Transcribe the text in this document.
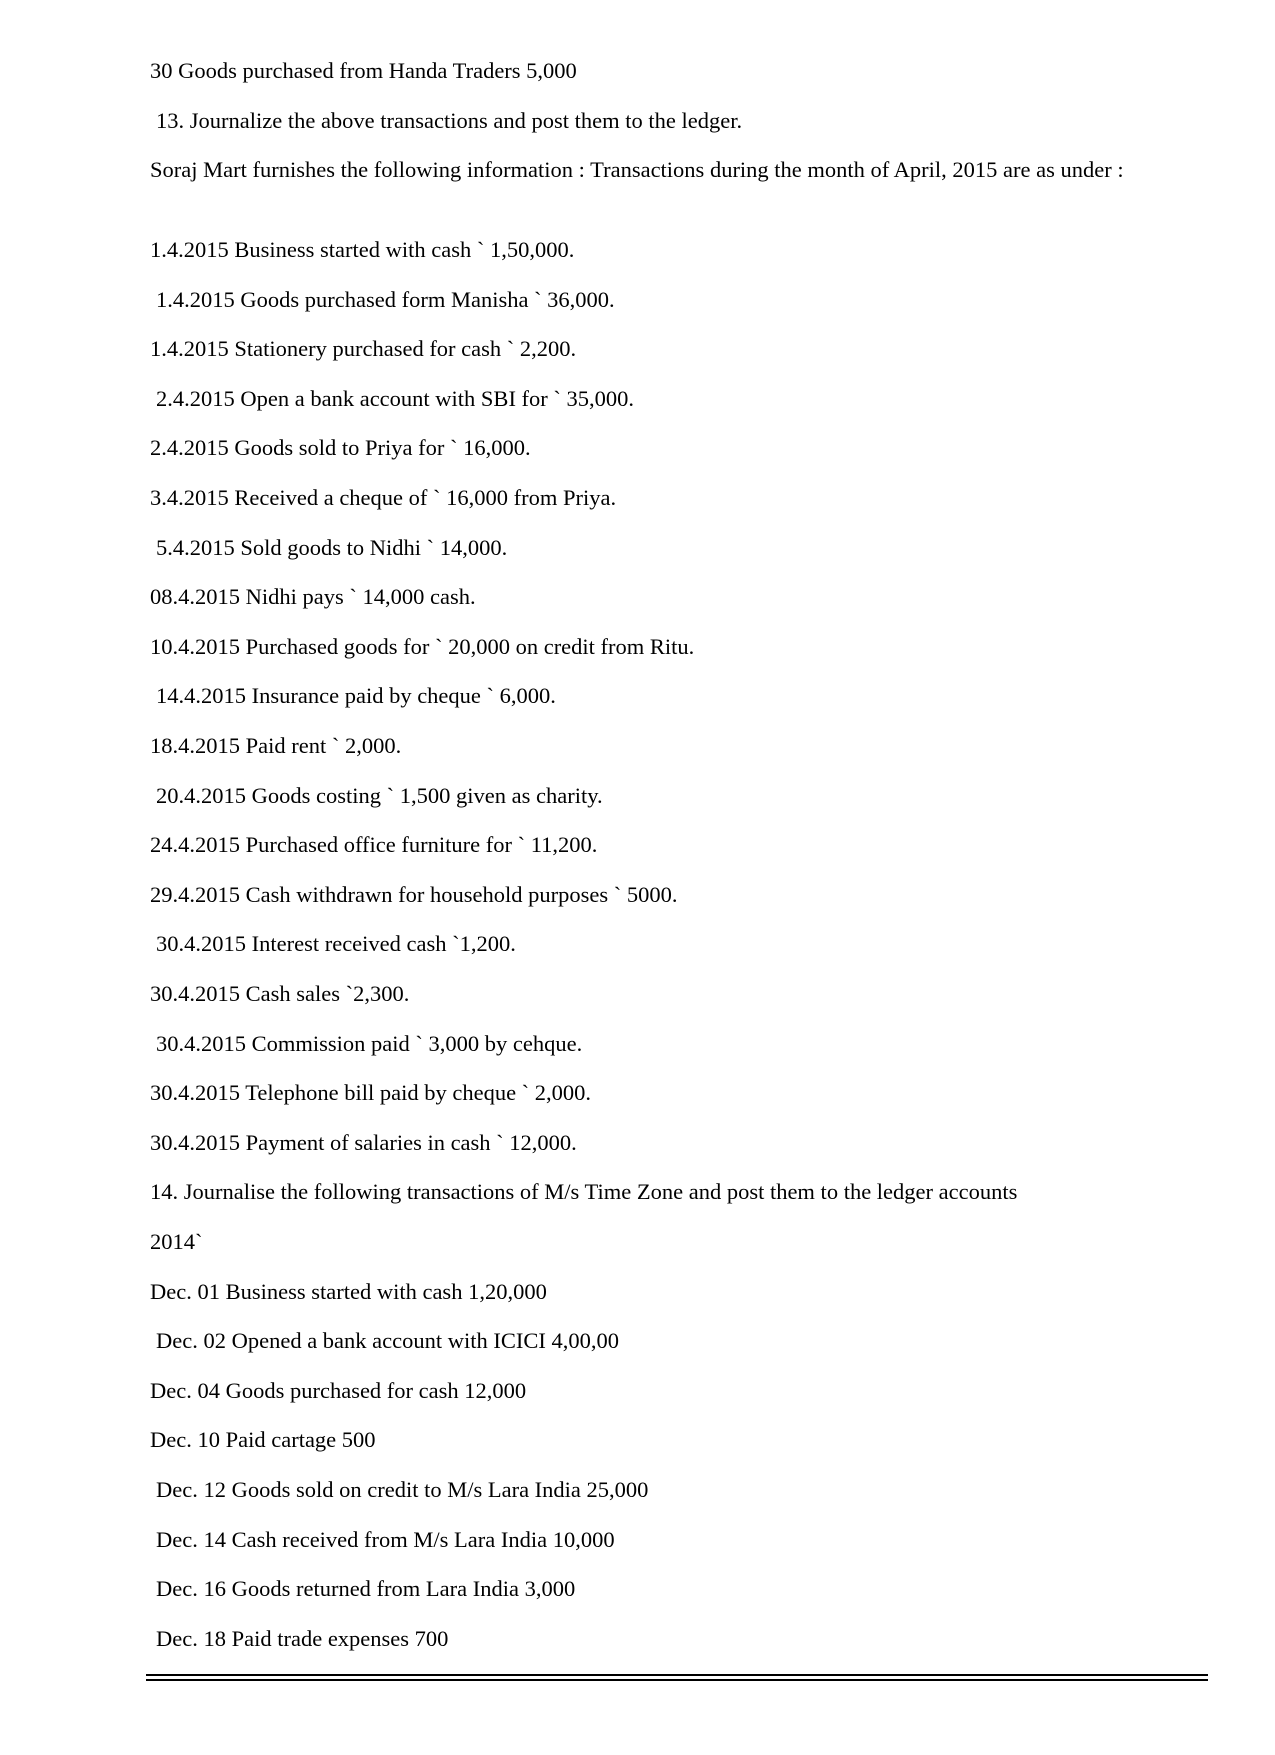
30 Goods purchased from Handa Traders 5,000
13. Journalize the above transactions and post them to the ledger.
Soraj Mart furnishes the following information : Transactions during the month of April, 2015 are as under :
1.4.2015 Business started with cash ` 1,50,000.
1.4.2015 Goods purchased form Manisha ` 36,000.
1.4.2015 Stationery purchased for cash ` 2,200.
2.4.2015 Open a bank account with SBI for ` 35,000.
2.4.2015 Goods sold to Priya for ` 16,000.
3.4.2015 Received a cheque of ` 16,000 from Priya.
5.4.2015 Sold goods to Nidhi ` 14,000.
08.4.2015 Nidhi pays ` 14,000 cash.
10.4.2015 Purchased goods for ` 20,000 on credit from Ritu.
14.4.2015 Insurance paid by cheque ` 6,000.
18.4.2015 Paid rent ` 2,000.
20.4.2015 Goods costing ` 1,500 given as charity.
24.4.2015 Purchased office furniture for ` 11,200.
29.4.2015 Cash withdrawn for household purposes ` 5000.
30.4.2015 Interest received cash `1,200.
30.4.2015 Cash sales `2,300.
30.4.2015 Commission paid ` 3,000 by cehque.
30.4.2015 Telephone bill paid by cheque ` 2,000.
30.4.2015 Payment of salaries in cash ` 12,000.
14. Journalise the following transactions of M/s Time Zone and post them to the ledger accounts
2014`
Dec. 01 Business started with cash 1,20,000
Dec. 02 Opened a bank account with ICICI 4,00,00
Dec. 04 Goods purchased for cash 12,000
Dec. 10 Paid cartage 500
Dec. 12 Goods sold on credit to M/s Lara India 25,000
Dec. 14 Cash received from M/s Lara India 10,000
Dec. 16 Goods returned from Lara India 3,000
Dec. 18 Paid trade expenses 700
